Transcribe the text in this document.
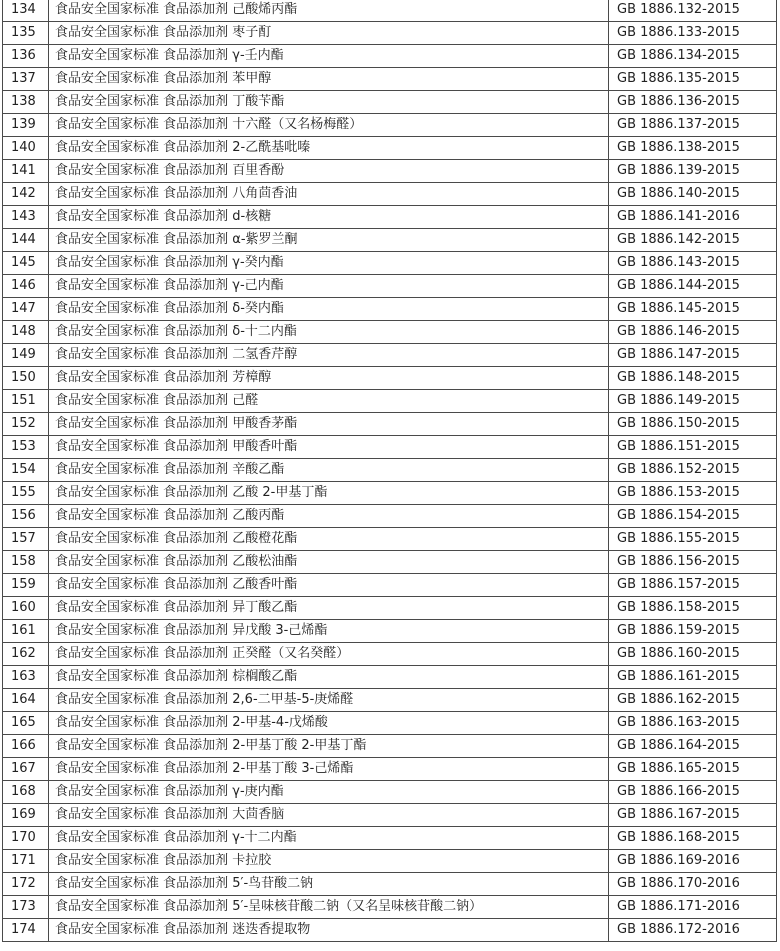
134	食品安全国家标准 食品添加剂 己酸烯丙酯	GB 1886.132-2015
135	食品安全国家标准 食品添加剂 枣子酊	GB 1886.133-2015
136	食品安全国家标准 食品添加剂 γ-壬内酯	GB 1886.134-2015
137	食品安全国家标准 食品添加剂 苯甲醇	GB 1886.135-2015
138	食品安全国家标准 食品添加剂 丁酸苄酯	GB 1886.136-2015
139	食品安全国家标准 食品添加剂 十六醛（又名杨梅醛）	GB 1886.137-2015
140	食品安全国家标准 食品添加剂 2-乙酰基吡嗪	GB 1886.138-2015
141	食品安全国家标准 食品添加剂 百里香酚	GB 1886.139-2015
142	食品安全国家标准 食品添加剂 八角茴香油	GB 1886.140-2015
143	食品安全国家标准 食品添加剂 d-核糖	GB 1886.141-2016
144	食品安全国家标准 食品添加剂 α-紫罗兰酮	GB 1886.142-2015
145	食品安全国家标准 食品添加剂 γ-癸内酯	GB 1886.143-2015
146	食品安全国家标准 食品添加剂 γ-己内酯	GB 1886.144-2015
147	食品安全国家标准 食品添加剂 δ-癸内酯	GB 1886.145-2015
148	食品安全国家标准 食品添加剂 δ-十二内酯	GB 1886.146-2015
149	食品安全国家标准 食品添加剂 二氢香芹醇	GB 1886.147-2015
150	食品安全国家标准 食品添加剂 芳樟醇	GB 1886.148-2015
151	食品安全国家标准 食品添加剂 己醛	GB 1886.149-2015
152	食品安全国家标准 食品添加剂 甲酸香茅酯	GB 1886.150-2015
153	食品安全国家标准 食品添加剂 甲酸香叶酯	GB 1886.151-2015
154	食品安全国家标准 食品添加剂 辛酸乙酯	GB 1886.152-2015
155	食品安全国家标准 食品添加剂 乙酸 2-甲基丁酯	GB 1886.153-2015
156	食品安全国家标准 食品添加剂 乙酸丙酯	GB 1886.154-2015
157	食品安全国家标准 食品添加剂 乙酸橙花酯	GB 1886.155-2015
158	食品安全国家标准 食品添加剂 乙酸松油酯	GB 1886.156-2015
159	食品安全国家标准 食品添加剂 乙酸香叶酯	GB 1886.157-2015
160	食品安全国家标准 食品添加剂 异丁酸乙酯	GB 1886.158-2015
161	食品安全国家标准 食品添加剂 异戊酸 3-己烯酯	GB 1886.159-2015
162	食品安全国家标准 食品添加剂 正癸醛（又名癸醛）	GB 1886.160-2015
163	食品安全国家标准 食品添加剂 棕榈酸乙酯	GB 1886.161-2015
164	食品安全国家标准 食品添加剂 2,6-二甲基-5-庚烯醛	GB 1886.162-2015
165	食品安全国家标准 食品添加剂 2-甲基-4-戊烯酸	GB 1886.163-2015
166	食品安全国家标准 食品添加剂 2-甲基丁酸 2-甲基丁酯	GB 1886.164-2015
167	食品安全国家标准 食品添加剂 2-甲基丁酸 3-己烯酯	GB 1886.165-2015
168	食品安全国家标准 食品添加剂 γ-庚内酯	GB 1886.166-2015
169	食品安全国家标准 食品添加剂 大茴香脑	GB 1886.167-2015
170	食品安全国家标准 食品添加剂 γ-十二内酯	GB 1886.168-2015
171	食品安全国家标准 食品添加剂 卡拉胶	GB 1886.169-2016
172	食品安全国家标准 食品添加剂 5′-鸟苷酸二钠	GB 1886.170-2016
173	食品安全国家标准 食品添加剂 5′-呈味核苷酸二钠（又名呈味核苷酸二钠）	GB 1886.171-2016
174	食品安全国家标准 食品添加剂 迷迭香提取物	GB 1886.172-2016
